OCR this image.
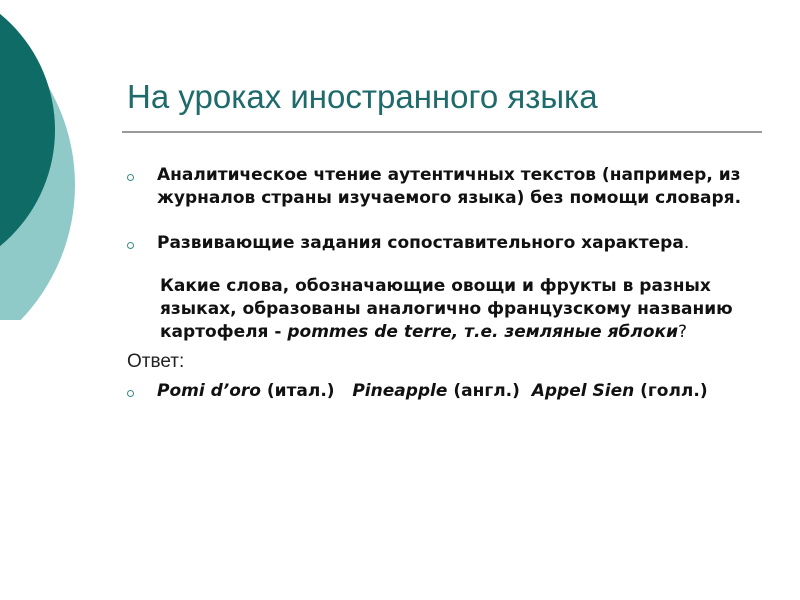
На уроках иностранного языка
Аналитическое чтение аутентичных текстов (например, из журналов страны изучаемого языка) без помощи словаря.
Развивающие задания сопоставительного характера.
Какие слова, обозначающие овощи и фрукты в разных языках, образованы аналогично французскому названию картофеля - pommes de terre, т.е. земляные яблоки?
Ответ:
Pomi d’oro (итал.)   Pineapple (англ.)  Appel Sien (голл.)
